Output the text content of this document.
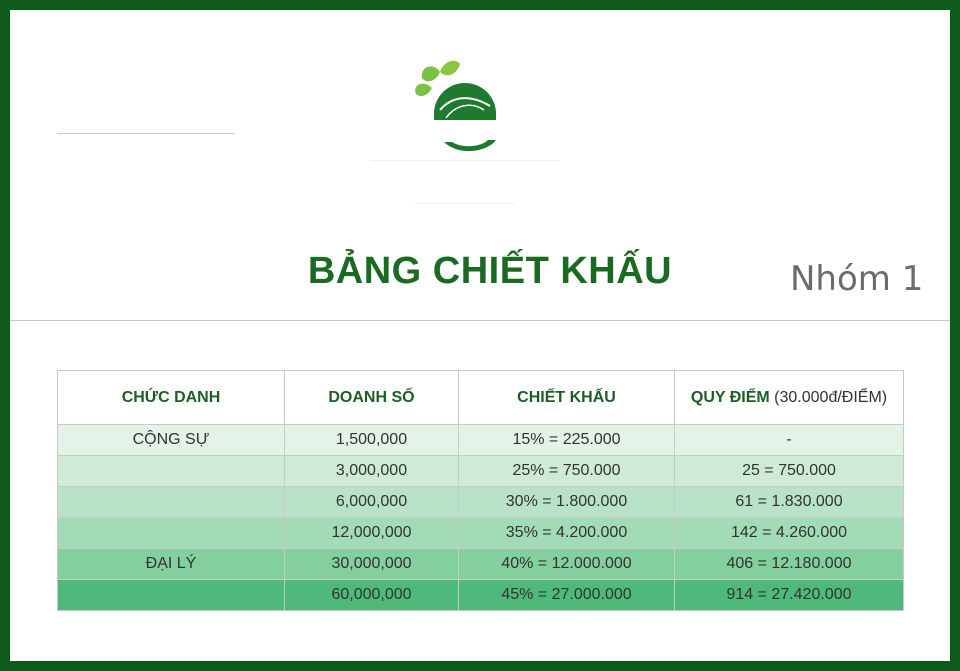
BẢNG CHIẾT KHẤU	Nhóm 1
CHỨC DANH	DOANH SỐ	CHIẾT KHẤU	QUY ĐIỂM (30.000đ/ĐIỂM)
CỘNG SỰ	1,500,000	15% = 225.000	-
	3,000,000	25% = 750.000	25 = 750.000
	6,000,000	30% = 1.800.000	61 = 1.830.000
	12,000,000	35% = 4.200.000	142 = 4.260.000
ĐẠI LÝ	30,000,000	40% = 12.000.000	406 = 12.180.000
	60,000,000	45% = 27.000.000	914 = 27.420.000
